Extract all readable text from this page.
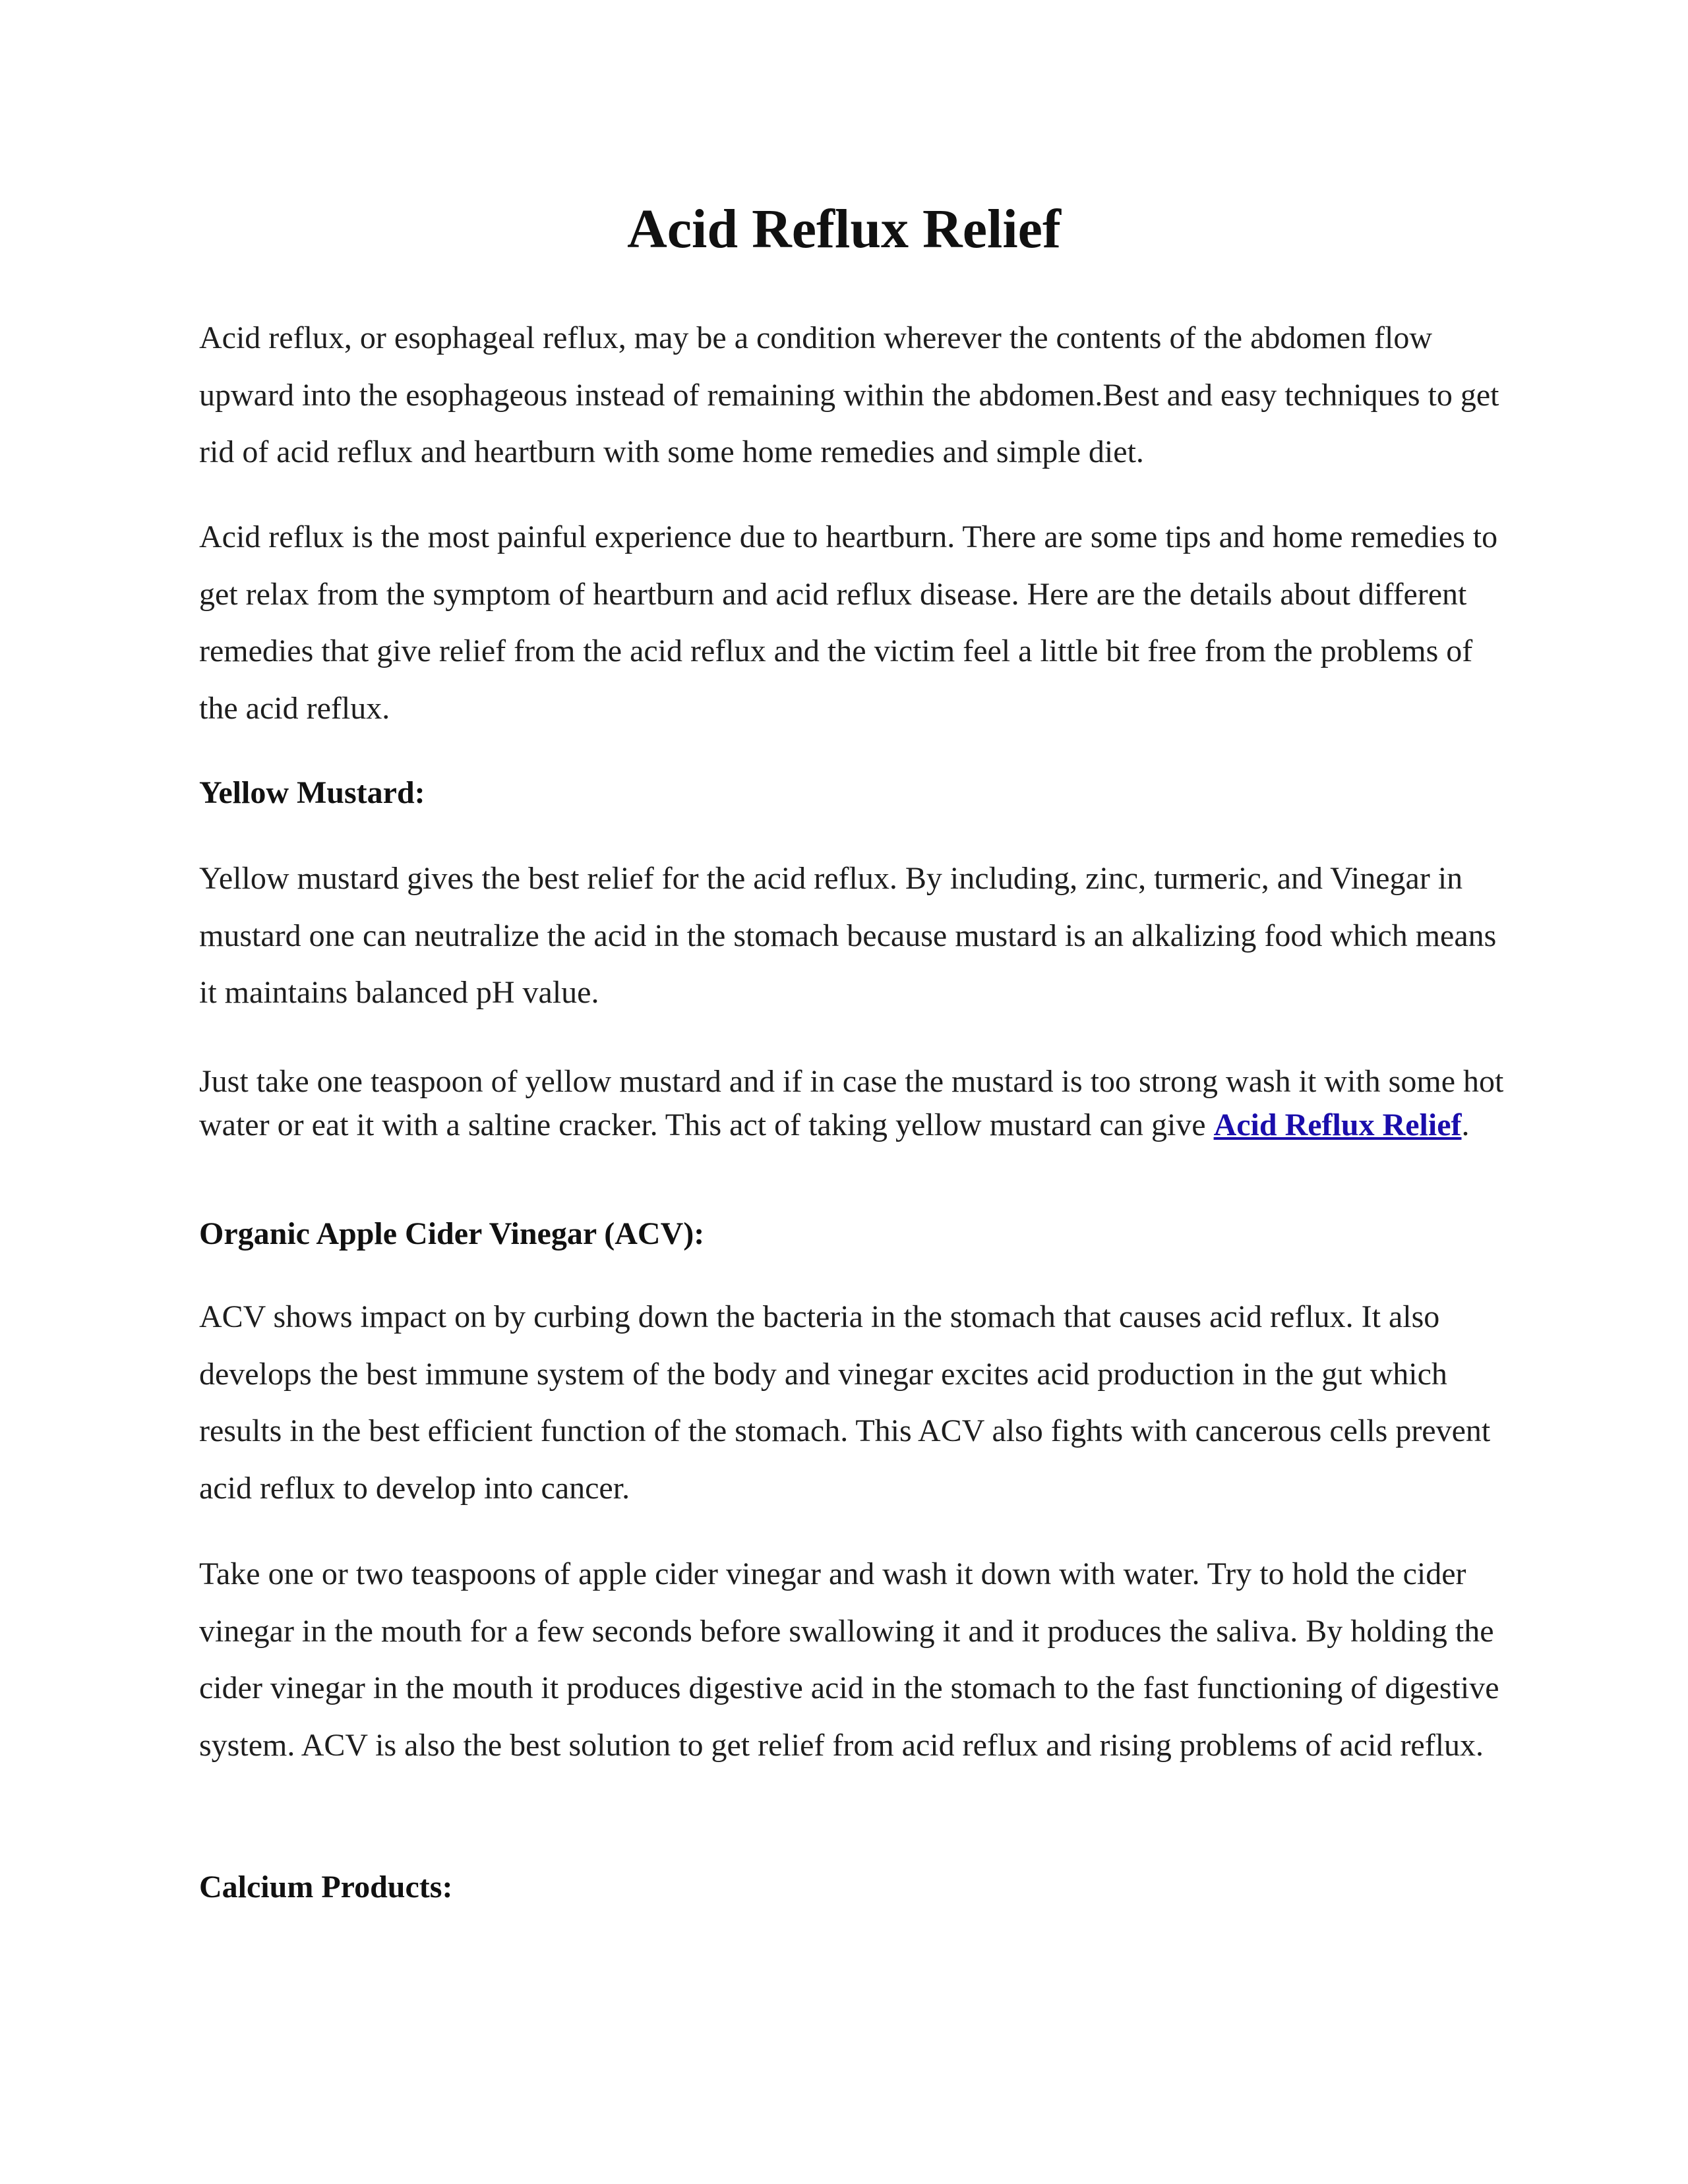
Acid Reflux Relief

Acid reflux, or esophageal reflux, may be a condition wherever the contents of the abdomen flow upward into the esophageous instead of remaining within the abdomen.Best and easy techniques to get rid of acid reflux and heartburn with some home remedies and simple diet.

Acid reflux is the most painful experience due to heartburn. There are some tips and home remedies to get relax from the symptom of heartburn and acid reflux disease. Here are the details about different remedies that give relief from the acid reflux and the victim feel a little bit free from the problems of the acid reflux.

Yellow Mustard:

Yellow mustard gives the best relief for the acid reflux. By including, zinc, turmeric, and Vinegar in mustard one can neutralize the acid in the stomach because mustard is an alkalizing food which means it maintains balanced pH value.

Just take one teaspoon of yellow mustard and if in case the mustard is too strong wash it with some hot water or eat it with a saltine cracker. This act of taking yellow mustard can give Acid Reflux Relief.

Organic Apple Cider Vinegar (ACV):

ACV shows impact on by curbing down the bacteria in the stomach that causes acid reflux. It also develops the best immune system of the body and vinegar excites acid production in the gut which results in the best efficient function of the stomach. This ACV also fights with cancerous cells prevent acid reflux to develop into cancer.

Take one or two teaspoons of apple cider vinegar and wash it down with water. Try to hold the cider vinegar in the mouth for a few seconds before swallowing it and it produces the saliva. By holding the cider vinegar in the mouth it produces digestive acid in the stomach to the fast functioning of digestive system. ACV is also the best solution to get relief from acid reflux and rising problems of acid reflux.

Calcium Products:
